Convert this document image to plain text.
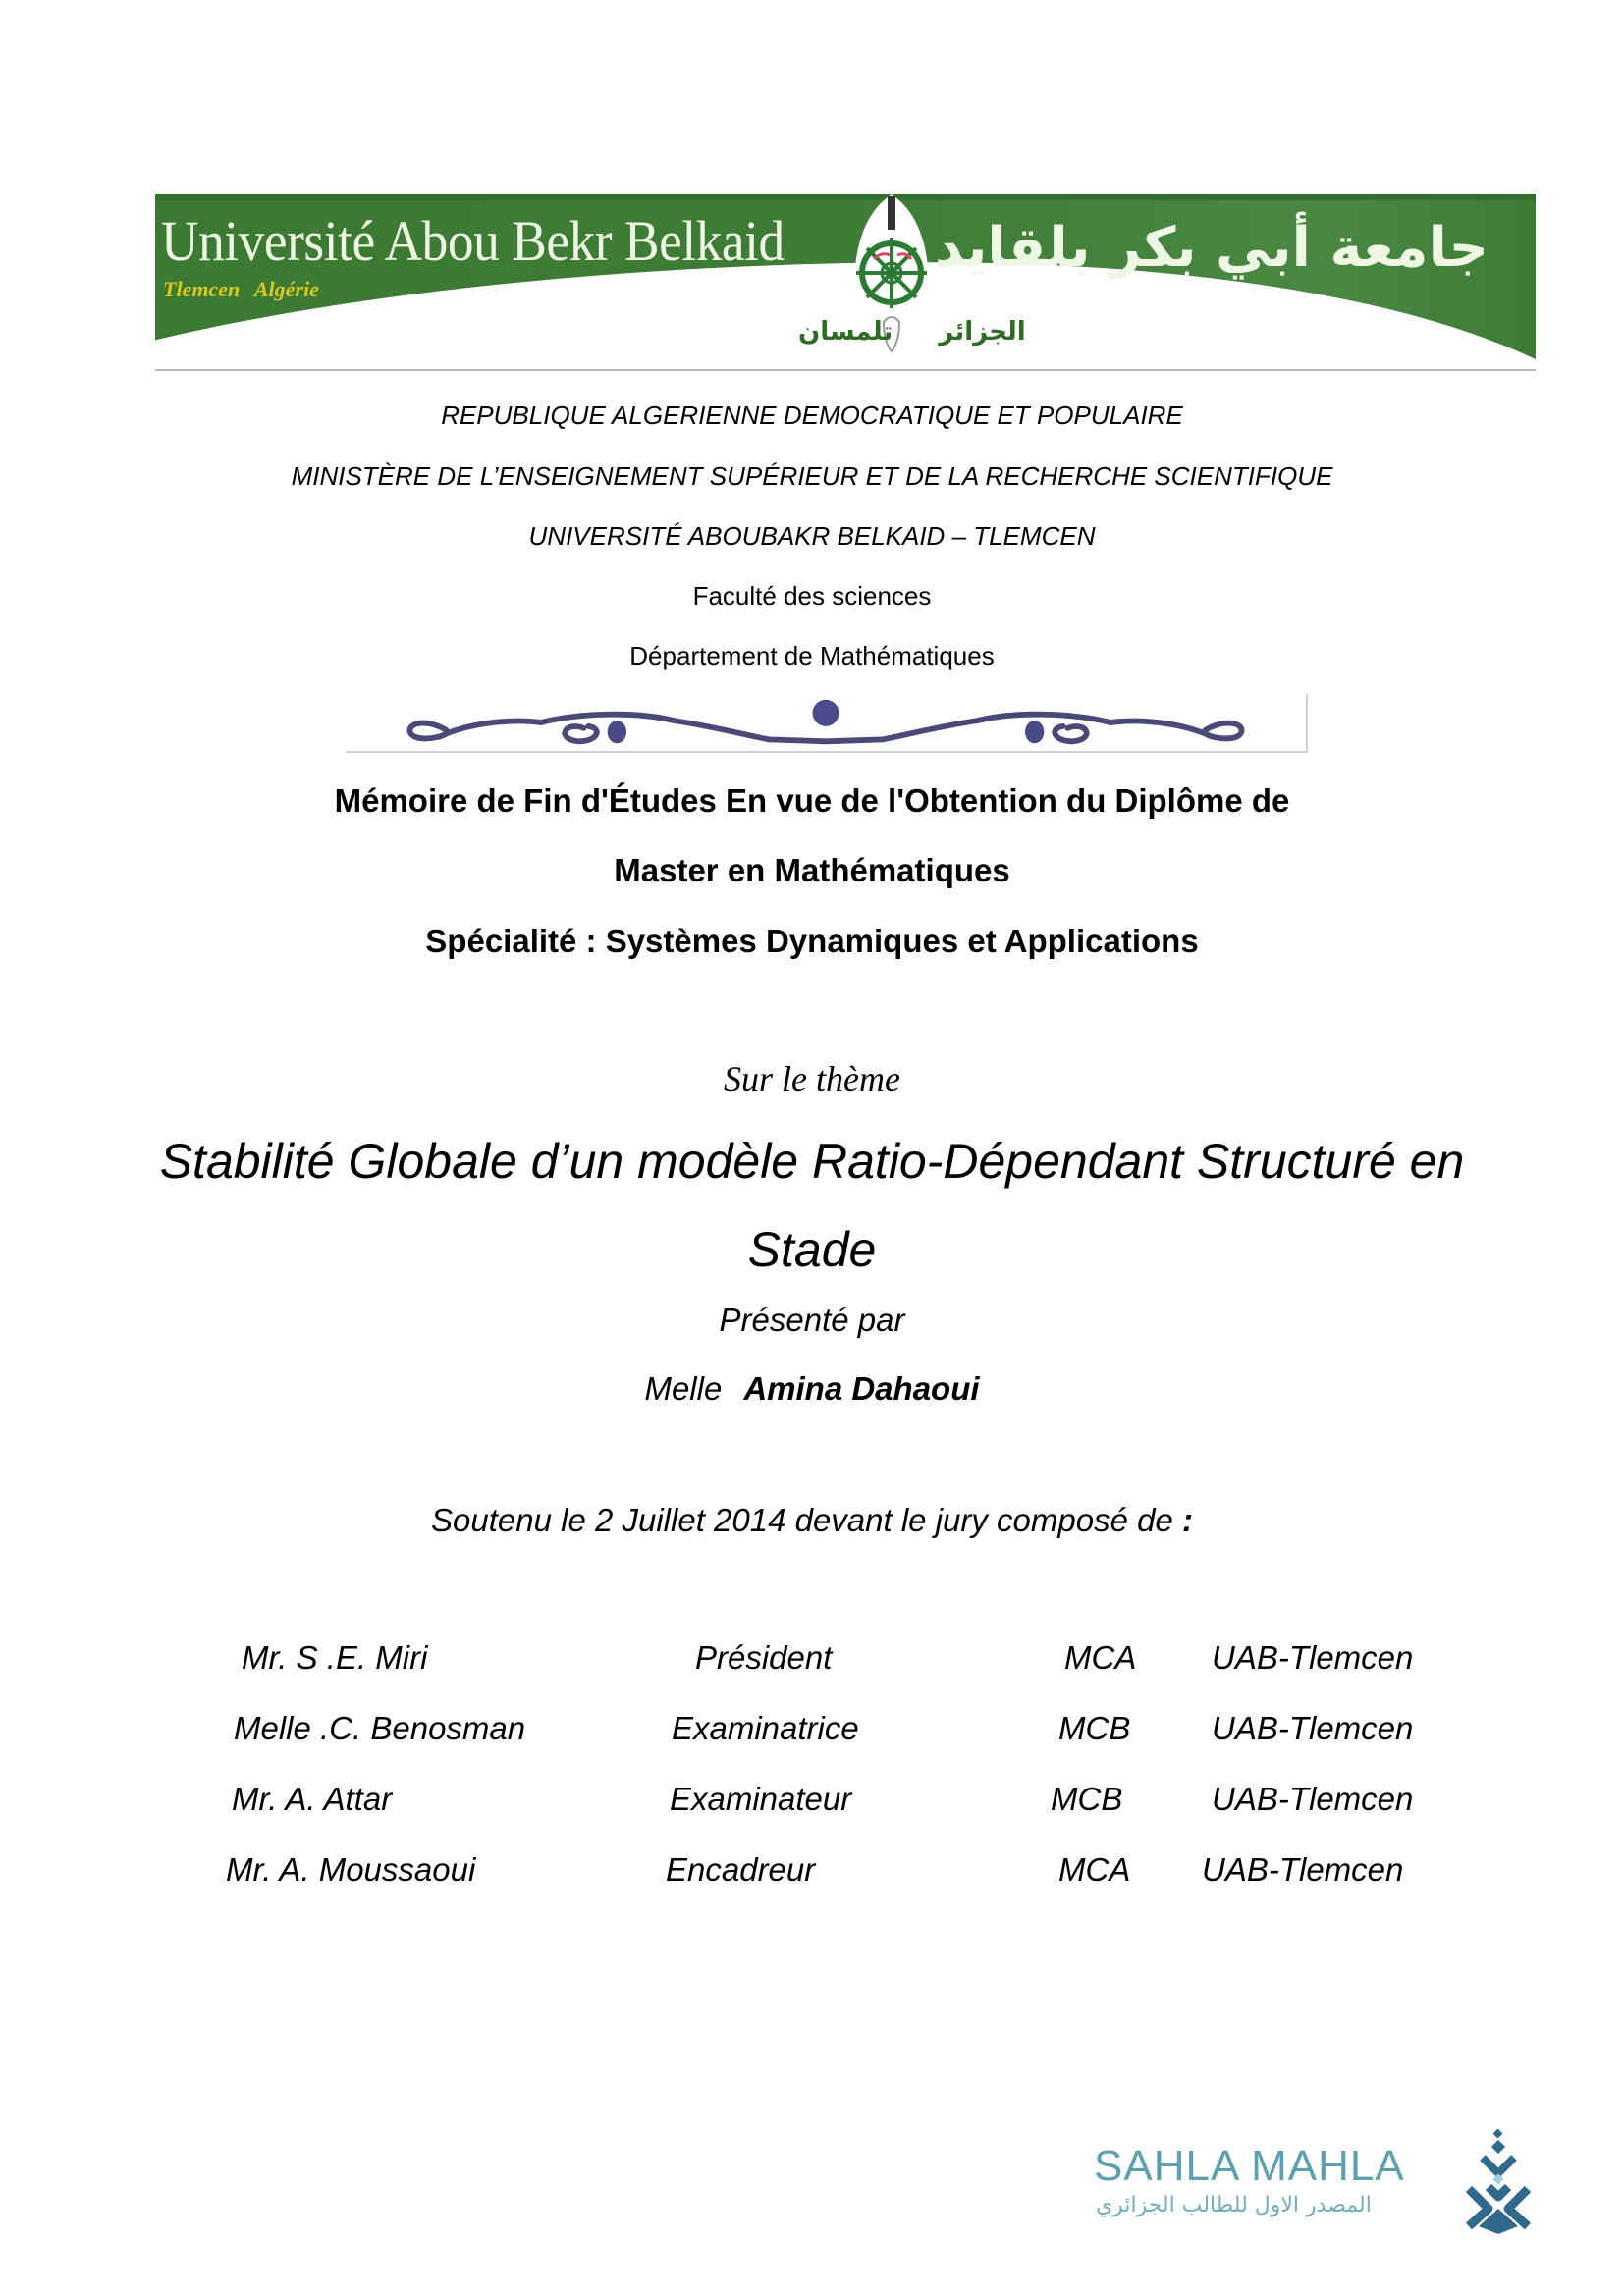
Université Abou Bekr Belkaid
Tlemcen Algérie
جامعة أبي بكر بلقايد
الجزائر تلمسان
REPUBLIQUE ALGERIENNE DEMOCRATIQUE ET POPULAIRE
MINISTÈRE DE L’ENSEIGNEMENT SUPÉRIEUR ET DE LA RECHERCHE SCIENTIFIQUE
UNIVERSITÉ ABOUBAKR BELKAID – TLEMCEN
Faculté des sciences
Département de Mathématiques
Mémoire de Fin d'Études En vue de l'Obtention du Diplôme de
Master en Mathématiques
Spécialité : Systèmes Dynamiques et Applications
Sur le thème
Stabilité Globale d’un modèle Ratio-Dépendant Structuré en
Stade
Présenté par
Melle Amina Dahaoui
Soutenu le 2 Juillet 2014 devant le jury composé de :
Mr. S .E. Miri	Président	MCA UAB-Tlemcen
Melle .C. Benosman	Examinatrice	MCB	UAB-Tlemcen
Mr. A. Attar	Examinateur	MCB	UAB-Tlemcen
Mr. A. Moussaoui	Encadreur	MCA UAB-Tlemcen
SAHLA MAHLA
المصدر الاول للطالب الجزائري
